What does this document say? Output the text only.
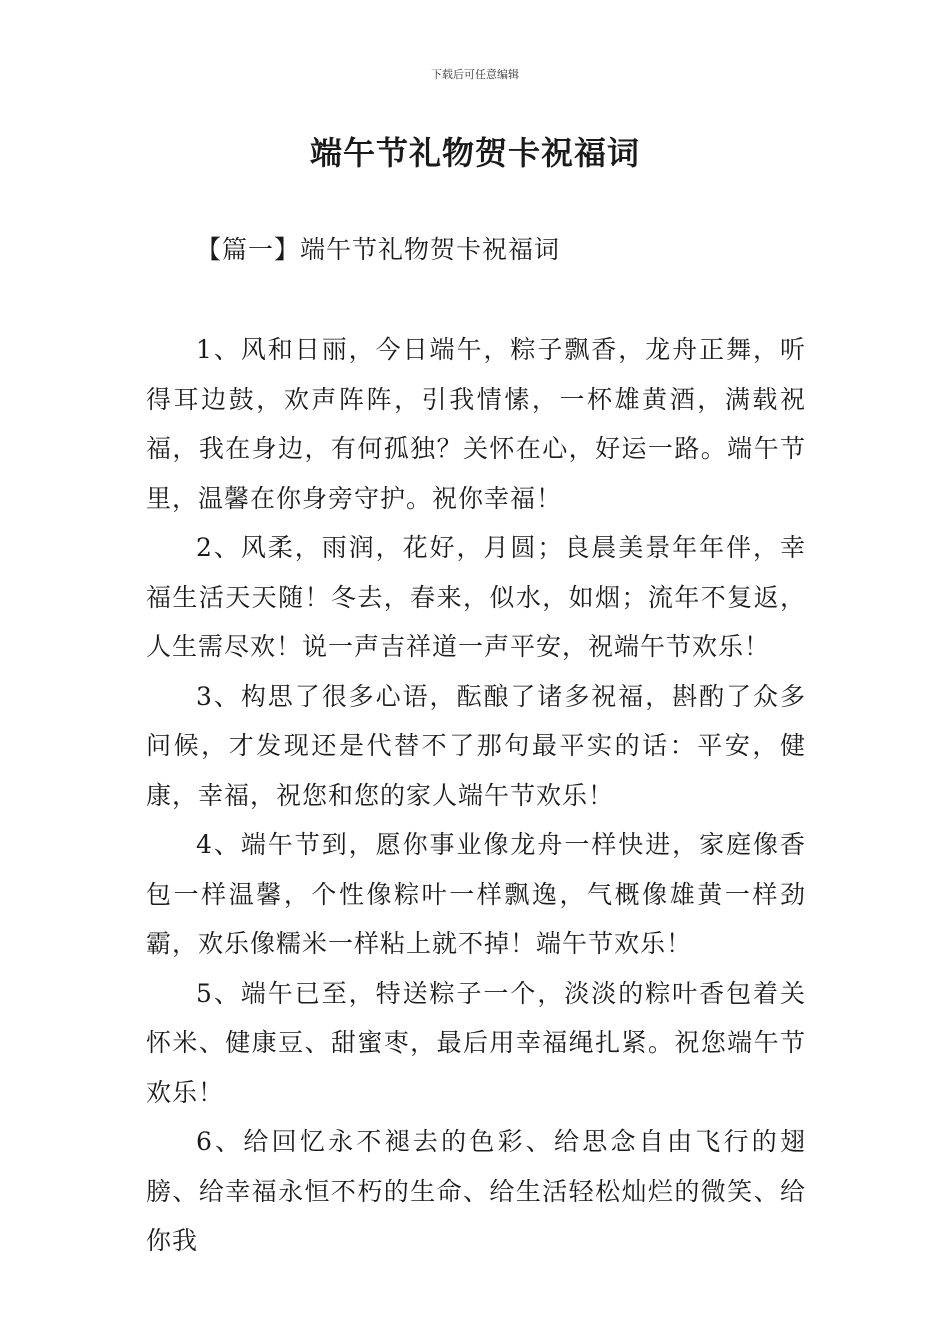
下载后可任意编辑
端午节礼物贺卡祝福词
【篇一】端午节礼物贺卡祝福词

1、风和日丽，今日端午，粽子飘香，龙舟正舞，听得耳边鼓，欢声阵阵，引我情愫，一杯雄黄酒，满载祝福，我在身边，有何孤独？关怀在心，好运一路。端午节里，温馨在你身旁守护。祝你幸福！

2、风柔，雨润，花好，月圆；良晨美景年年伴，幸福生活天天随！冬去，春来，似水，如烟；流年不复返，人生需尽欢！说一声吉祥道一声平安，祝端午节欢乐！

3、构思了很多心语，酝酿了诸多祝福，斟酌了众多问候，才发现还是代替不了那句最平实的话：平安，健康，幸福，祝您和您的家人端午节欢乐！

4、端午节到，愿你事业像龙舟一样快进，家庭像香包一样温馨，个性像粽叶一样飘逸，气概像雄黄一样劲霸，欢乐像糯米一样粘上就不掉！端午节欢乐！

5、端午已至，特送粽子一个，淡淡的粽叶香包着关怀米、健康豆、甜蜜枣，最后用幸福绳扎紧。祝您端午节欢乐！

6、给回忆永不褪去的色彩、给思念自由飞行的翅膀、给幸福永恒不朽的生命、给生活轻松灿烂的微笑、给你我
